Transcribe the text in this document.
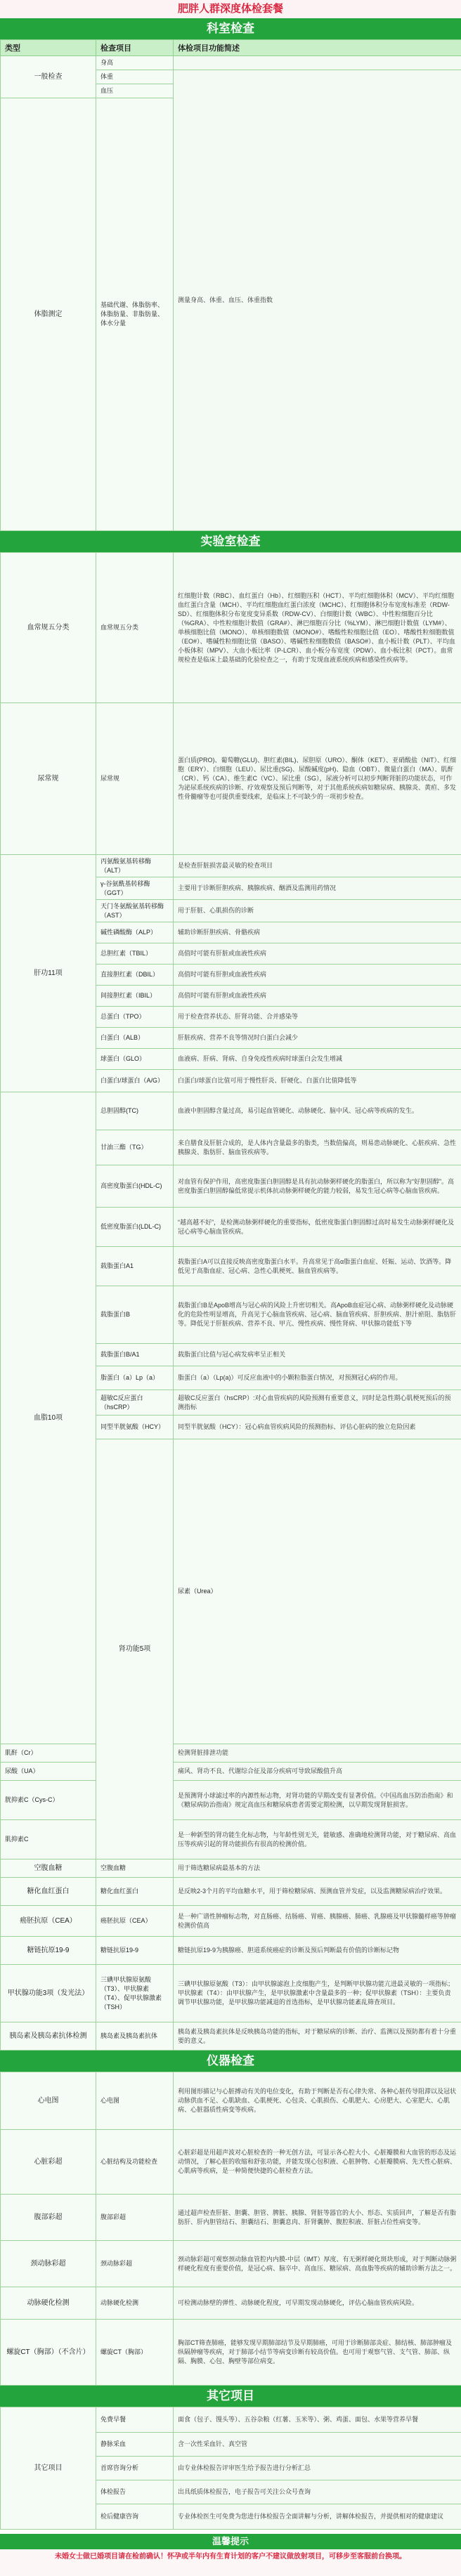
肥胖人群深度体检套餐
科室检查
类型	检查项目	体检项目功能简述	
一般检查	身高		
	体重	测量身高、体重、血压、体重指数	
	血压		
体脂测定	基础代谢、体脂肪率、体脂肪量、非脂肪量、体水分量	
实验室检查
血常规五分类	血常规五分类	红细胞计数（RBC）、血红蛋白（Hb）、红细胞压积（HCT）、平均红细胞体积（MCV）、平均红细胞血红蛋白含量（MCH）、平均红细胞血红蛋白浓度（MCHC）、红细胞体积分布宽度标准差（RDW-SD）、红细胞体积分布宽度变异系数（RDW-CV）、白细胞计数（WBC）、中性粒细胞百分比（%GRA）、中性粒细胞计数值（GRA#）、淋巴细胞百分比（%LYM）、淋巴细胞计数值（LYM#）、单核细胞比值（MONO）、单核细胞数值（MONO#）、嗜酸性粒细胞比值（EO）、嗜酸性粒细胞数值（EO#）、嗜碱性粒细胞比值（BASO）、嗜碱性粒细胞数值（BASO#）、血小板计数（PLT）、平均血小板体积（MPV）、大血小板比率（P-LCR）、血小板分布宽度（PDW）、血小板比积（PCT）。血常规检查是临床上最基础的化验检查之一，有助于发现血液系统疾病和感染性疾病等。	
尿常规	尿常规	蛋白质(PRO)、葡萄糖(GLU)、胆红素(BIL)、尿胆原（URO）、酮体（KET）、亚硝酸盐（NIT）、红细胞（ERY）、白细胞（LEU）、尿比重(SG)、尿酸碱度(pH)、隐血（OBT）、微量白蛋白（MA）、肌酐（CR）、钙（CA）、维生素C（VC）、尿比重（SG），尿液分析可以初步判断肾脏的功能状态，可作为泌尿系统疾病的诊断、疗效观察及预后判断等，对于其他系统疾病如糖尿病、胰腺炎、黄疸、多发性骨髓瘤等也可提供重要线索，是临床上不可缺少的一项初步检查。	
肝功11项	丙氨酸氨基转移酶（ALT）	是检查肝脏损害最灵敏的检查项目	
	γ-谷氨酰基转移酶（GGT）	主要用于诊断肝胆疾病、胰腺疾病、酗酒及监测用药情况	
	天门冬氨酸氨基转移酶（AST）	用于肝脏、心肌损伤的诊断	
	碱性磷酸酶（ALP）	辅助诊断肝胆疾病、骨骼疾病	
	总胆红素（TBIL）	高值时可能有肝脏或血液性疾病	
	直接胆红素（DBIL）	高值时可能有肝胆或血液性疾病	
	间接胆红素（IBIL）	高值时可能有肝胆或血液性疾病	
	总蛋白（TPO）	用于检查营养状态、肝肾功能、合并感染等	
	白蛋白（ALB）	肝脏疾病、营养不良等情况时白蛋白会减少	
	球蛋白（GLO）	血液病、肝病、肾病、自身免疫性疾病时球蛋白会发生增减	
	白蛋白/球蛋白（A/G）	白蛋白/球蛋白比值可用于慢性肝炎、肝硬化、白蛋白比值降低等	
血脂10项	总胆固醇(TC)	血液中胆固醇含量过高，易引起血管硬化、动脉硬化、脑中风、冠心病等疾病的发生。	
	甘油三酯（TG）	来自膳食及肝脏合成的，是人体内含量最多的脂类，当数值偏高，则易患动脉硬化、心脏疾病、急性胰腺炎、脂肪肝、脑血管疾病等。	
	高密度脂蛋白(HDL-C)	对血管有保护作用，高密度脂蛋白胆固醇是具有抗动脉粥样硬化的脂蛋白，所以称为“好胆固醇”。高密度脂蛋白胆固醇偏低常提示机体抗动脉粥样硬化的能力较弱，易发生冠心病等心脑血管疾病。	
	低密度脂蛋白(LDL-C)	“越高越不好”，是检测动脉粥样硬化的重要指标，低密度脂蛋白胆固醇过高时易发生动脉粥样硬化及冠心病等心脑血管疾病。	
	载脂蛋白A1	载脂蛋白A可以直接反映高密度脂蛋白水平。升高常见于高α脂蛋白血症、妊娠、运动、饮酒等。降低见于高脂血症、冠心病、急性心肌梗死、脑血管疾病等。	
	载脂蛋白B	载脂蛋白B是ApoB增高与冠心病的风险上升密切相关。高ApoB血症冠心病、动脉粥样硬化及动脉硬化的危险性明显增高，升高见于心脑血管疾病、冠心病、脑血管疾病、肝胆疾病、胆汁瘀阻、脂肪肝等。降低见于肝脏疾病、营养不良、甲亢、慢性疾病、慢性肾病、甲状腺功能低下等	
	载脂蛋白B/A1	载脂蛋白比值与冠心病发病率呈正相关	
	脂蛋白（a）Lp（a）	脂蛋白（a）（Lp(a)）可反应血液中的小颗粒脂蛋白情况，对预测冠心病的作用。	
	超敏C反应蛋白（hsCRP）	超敏C反应蛋白（hsCRP）:对心血管疾病的风险预测有重要意义，同时是急性期心肌梗死预后的预测指标	
	同型半胱氨酸（HCY）	同型半胱氨酸（HCY）：冠心病血管疾病风险的预测指标、评估心脏病的独立危险因素	
	肾功能5项	尿素（Urea）	
肌酐（Cr）		检测肾脏排泄功能	
尿酸（UA）		痛风、肾功不良、代谢综合征及部分疾病可导致尿酸值升高	
胱抑素C（Cys-C）		是预测肾小球滤过率的内源性标志物，对肾功能的早期改变有显著价值。《中国高血压防治指南》和《糖尿病防治指南》规定高血压和糖尿病患者需要定期检测，以早期发现肾脏损害。	
肌抑素C		是一种新型的肾功能生化标志物，与年龄性别无关，能敏感、准确地检测肾功能，对于糖尿病、高血压等疾病引起的肾功能损伤有很高的检测价值。	
空腹血糖	空腹血糖	用于筛选糖尿病最基本的方法	
糖化血红蛋白	糖化血红蛋白	是反映2-3个月的平均血糖水平，用于筛检糖尿病、预测血管并发症，以及监测糖尿病治疗效果。	
癌胚抗原（CEA）	癌胚抗原（CEA）	是一种广谱性肿瘤标志物，对直肠癌、结肠癌、胃癌、胰腺癌、肺癌、乳腺癌及甲状腺髓样癌等肿瘤检测价值高	
糖链抗原19-9	糖链抗原19-9	糖链抗原19-9为胰腺癌、胆道系统癌症的诊断及预后判断最有价值的诊断标记物	
甲状腺功能3项（发光法）	三碘甲状腺原氨酸（T3）、甲状腺素（T4）、促甲状腺激素（TSH）	三碘甲状腺原氨酸（T3）：由甲状腺滤泡上皮细胞产生，是判断甲状腺功能亢进最灵敏的一项指标；甲状腺素（T4）：由甲状腺产生，是甲状腺激素中含量最多的一种；促甲状腺素（TSH）：主要负责调节甲状腺功能，是甲状腺功能减退的首选指标，是甲状腺功能紊乱筛查项目。	
胰岛素及胰岛素抗体检测	胰岛素及胰岛素抗体	胰岛素及胰岛素抗体是反映胰岛功能的指标，对于糖尿病的诊断、治疗、监测以及预防都有着十分重要的意义。	
仪器检查
心电图	心电图	利用图形描记与心脏搏动有关的电位变化，有助于判断是否有心律失常、各种心脏传导阻滞以及冠状动脉供血不足、心肌缺血、心肌梗死、心包炎、心肌损伤、心肌肥大、心房肥大、心室肥大、心肌病、心脏器质性病变等疾病。
心脏彩超	心脏结构及功能检查	心脏彩超是用超声波对心脏检查的一种无创方法，可显示各心腔大小、心脏瓣膜和大血管的形态及运动情况，了解心脏的收缩和舒张功能，并能发现心包积液、心脏肿物、心脏瓣膜病、先天性心脏病、心肌病等疾病，是一种简便快捷的心脏检查方法。
腹部彩超	腹部彩超	通过超声检查肝脏、胆囊、胆管、脾脏、胰腺、肾脏等器官的大小、形态、实质回声，了解是否有脂肪肝、肝内胆管结石、胆囊结石、胆囊息肉、肝肾囊肿、腹腔积液、肝脏占位性病变等。
颈动脉彩超	颈动脉彩超	颈动脉彩超可观察颈动脉血管腔内内膜-中层（IMT）厚度、有无粥样硬化斑块形成，对于判断动脉粥样硬化程度有重要价值，是冠心病、脑卒中、高血压、糖尿病、高血脂等疾病的辅助诊断方法之一。
动脉硬化检测	动脉硬化检测	可检测动脉壁的弹性、动脉硬化程度，可早期发现动脉硬化，评估心脑血管疾病风险。
螺旋CT（胸部）（不含片）	螺旋CT（胸部）	胸部CT筛查肺癌，能够发现早期肺部结节及早期肺癌，可用于诊断肺部炎症、肺结核、肺部肿瘤及纵隔肿瘤等疾病，对于肺部小结节等病变诊断有较高价值。也可用于观察气管、支气管、肺部、纵隔、胸膜、心包、胸壁等部位病变。
其它项目
其它项目	免费早餐	面食（包子、馒头等）、五谷杂粮（红薯、玉米等）、粥、鸡蛋、面包、水果等营养早餐
	静脉采血	含一次性采血针、真空管
	首席咨询分析	由专业体检报告评审医生给予报告进行分析汇总
	体检报告	出具纸质体检报告，电子报告可关注公众号查询
	检后健康咨询	专业体检医生可免费为您进行体检报告全面讲解与分析，讲解体检报告，并提供相对的健康建议
温馨提示
未婚女士做已婚项目请在检前确认！怀孕或半年内有生育计划的客户不建议做放射项目，可移步至客服前台换项。
